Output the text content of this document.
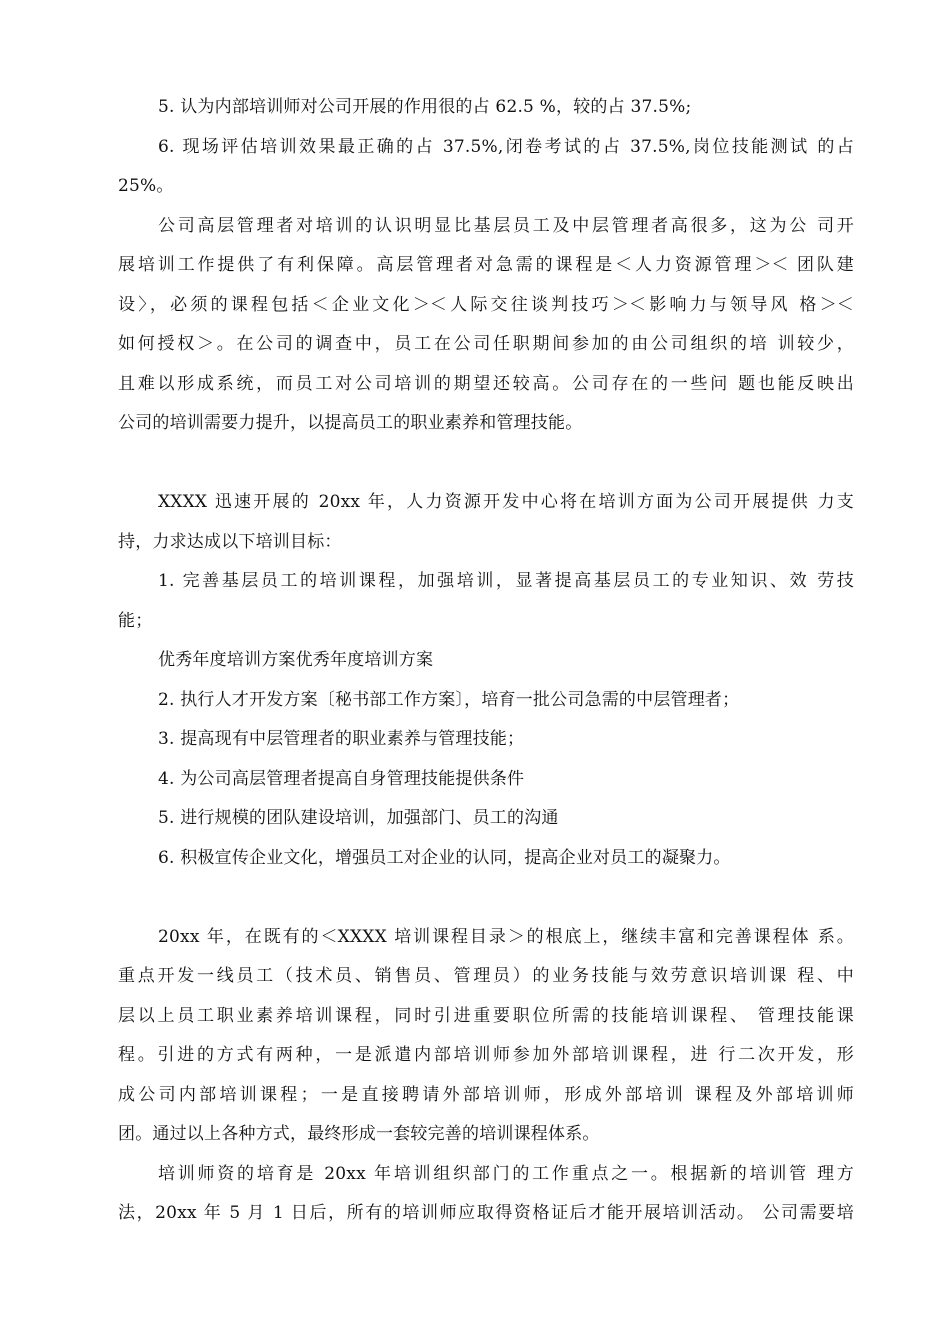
5. 认为内部培训师对公司开展的作用很的占 62.5 %，较的占 37.5%;
6. 现场评估培训效果最正确的占 37.5%,闭卷考试的占 37.5%,岗位技能测试 的占
25%。
公司高层管理者对培训的认识明显比基层员工及中层管理者高很多，这为公 司开
展培训工作提供了有利保障。高层管理者对急需的课程是＜人力资源管理＞＜ 团队建
设〉，必须的课程包括＜企业文化＞＜人际交往谈判技巧＞＜影响力与领导风 格＞＜
如何授权＞。在公司的调查中，员工在公司任职期间参加的由公司组织的培 训较少，
且难以形成系统，而员工对公司培训的期望还较高。公司存在的一些问 题也能反映出
公司的培训需要力提升，以提高员工的职业素养和管理技能。
XXXX 迅速开展的 20xx 年，人力资源开发中心将在培训方面为公司开展提供 力支
持，力求达成以下培训目标：
1. 完善基层员工的培训课程，加强培训，显著提高基层员工的专业知识、效 劳技
能；
优秀年度培训方案优秀年度培训方案
2. 执行人才开发方案〔秘书部工作方案〕，培育一批公司急需的中层管理者；
3. 提高现有中层管理者的职业素养与管理技能；
4. 为公司高层管理者提高自身管理技能提供条件
5. 进行规模的团队建设培训，加强部门、员工的沟通
6. 积极宣传企业文化，增强员工对企业的认同，提高企业对员工的凝聚力。
20xx 年，在既有的＜XXXX 培训课程目录＞的根底上，继续丰富和完善课程体 系。
重点开发一线员工（技术员、销售员、管理员）的业务技能与效劳意识培训课 程、中
层以上员工职业素养培训课程，同时引进重要职位所需的技能培训课程、 管理技能课
程。引进的方式有两种，一是派遣内部培训师参加外部培训课程，进 行二次开发，形
成公司内部培训课程；一是直接聘请外部培训师，形成外部培训 课程及外部培训师
团。通过以上各种方式，最终形成一套较完善的培训课程体系。
培训师资的培育是 20xx 年培训组织部门的工作重点之一。根据新的培训管 理方
法，20xx 年 5 月 1 日后，所有的培训师应取得资格证后才能开展培训活动。 公司需要培
